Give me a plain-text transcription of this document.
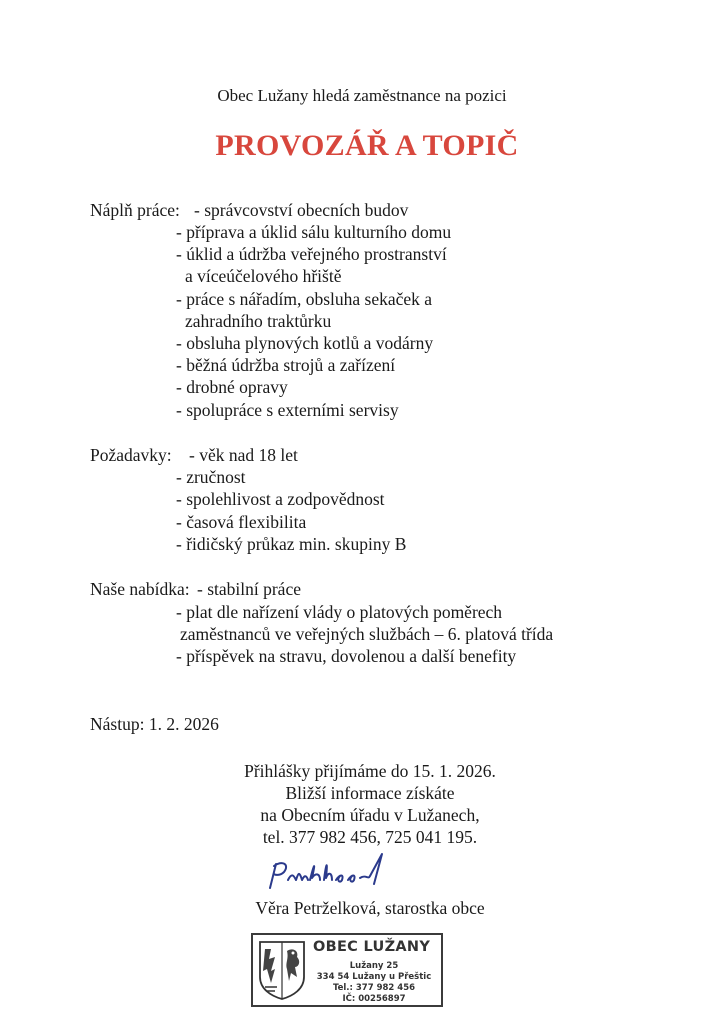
Obec Lužany hledá zaměstnance na pozici
PROVOZÁŘ A TOPIČ
Náplň práce: - správcovství obecních budov
- příprava a úklid sálu kulturního domu
- úklid a údržba veřejného prostranství
a víceúčelového hřiště
- práce s nářadím, obsluha sekaček a
zahradního traktůrku
- obsluha plynových kotlů a vodárny
- běžná údržba strojů a zařízení
- drobné opravy
- spolupráce s externími servisy
Požadavky: - věk nad 18 let
- zručnost
- spolehlivost a zodpovědnost
- časová flexibilita
- řidičský průkaz min. skupiny B
Naše nabídka: - stabilní práce
- plat dle nařízení vlády o platových poměrech
zaměstnanců ve veřejných službách – 6. platová třída
- příspěvek na stravu, dovolenou a další benefity
Nástup: 1. 2. 2026
Přihlášky přijímáme do 15. 1. 2026.
Bližší informace získáte
na Obecním úřadu v Lužanech,
tel. 377 982 456, 725 041 195.
Věra Petrželková, starostka obce
OBEC LUŽANY
Lužany 25
334 54 Lužany u Přeštic
Tel.: 377 982 456
IČ: 00256897
